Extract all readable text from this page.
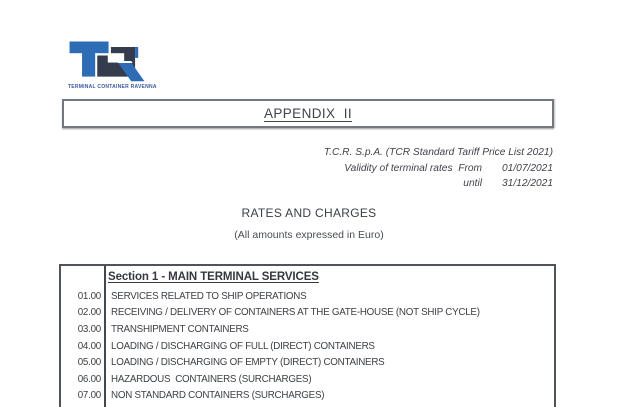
TERMINAL CONTAINER RAVENNA
APPENDIX  II
T.C.R. S.p.A. (TCR Standard Tariff Price List 2021)
Validity of terminal rates  From 01/07/2021
until 31/12/2021
RATES AND CHARGES
(All amounts expressed in Euro)
Section 1 - MAIN TERMINAL SERVICES
01.00 SERVICES RELATED TO SHIP OPERATIONS
02.00 RECEIVING / DELIVERY OF CONTAINERS AT THE GATE-HOUSE (NOT SHIP CYCLE)
03.00 TRANSHIPMENT CONTAINERS
04.00 LOADING / DISCHARGING OF FULL (DIRECT) CONTAINERS
05.00 LOADING / DISCHARGING OF EMPTY (DIRECT) CONTAINERS
06.00 HAZARDOUS  CONTAINERS (SURCHARGES)
07.00 NON STANDARD CONTAINERS (SURCHARGES)
